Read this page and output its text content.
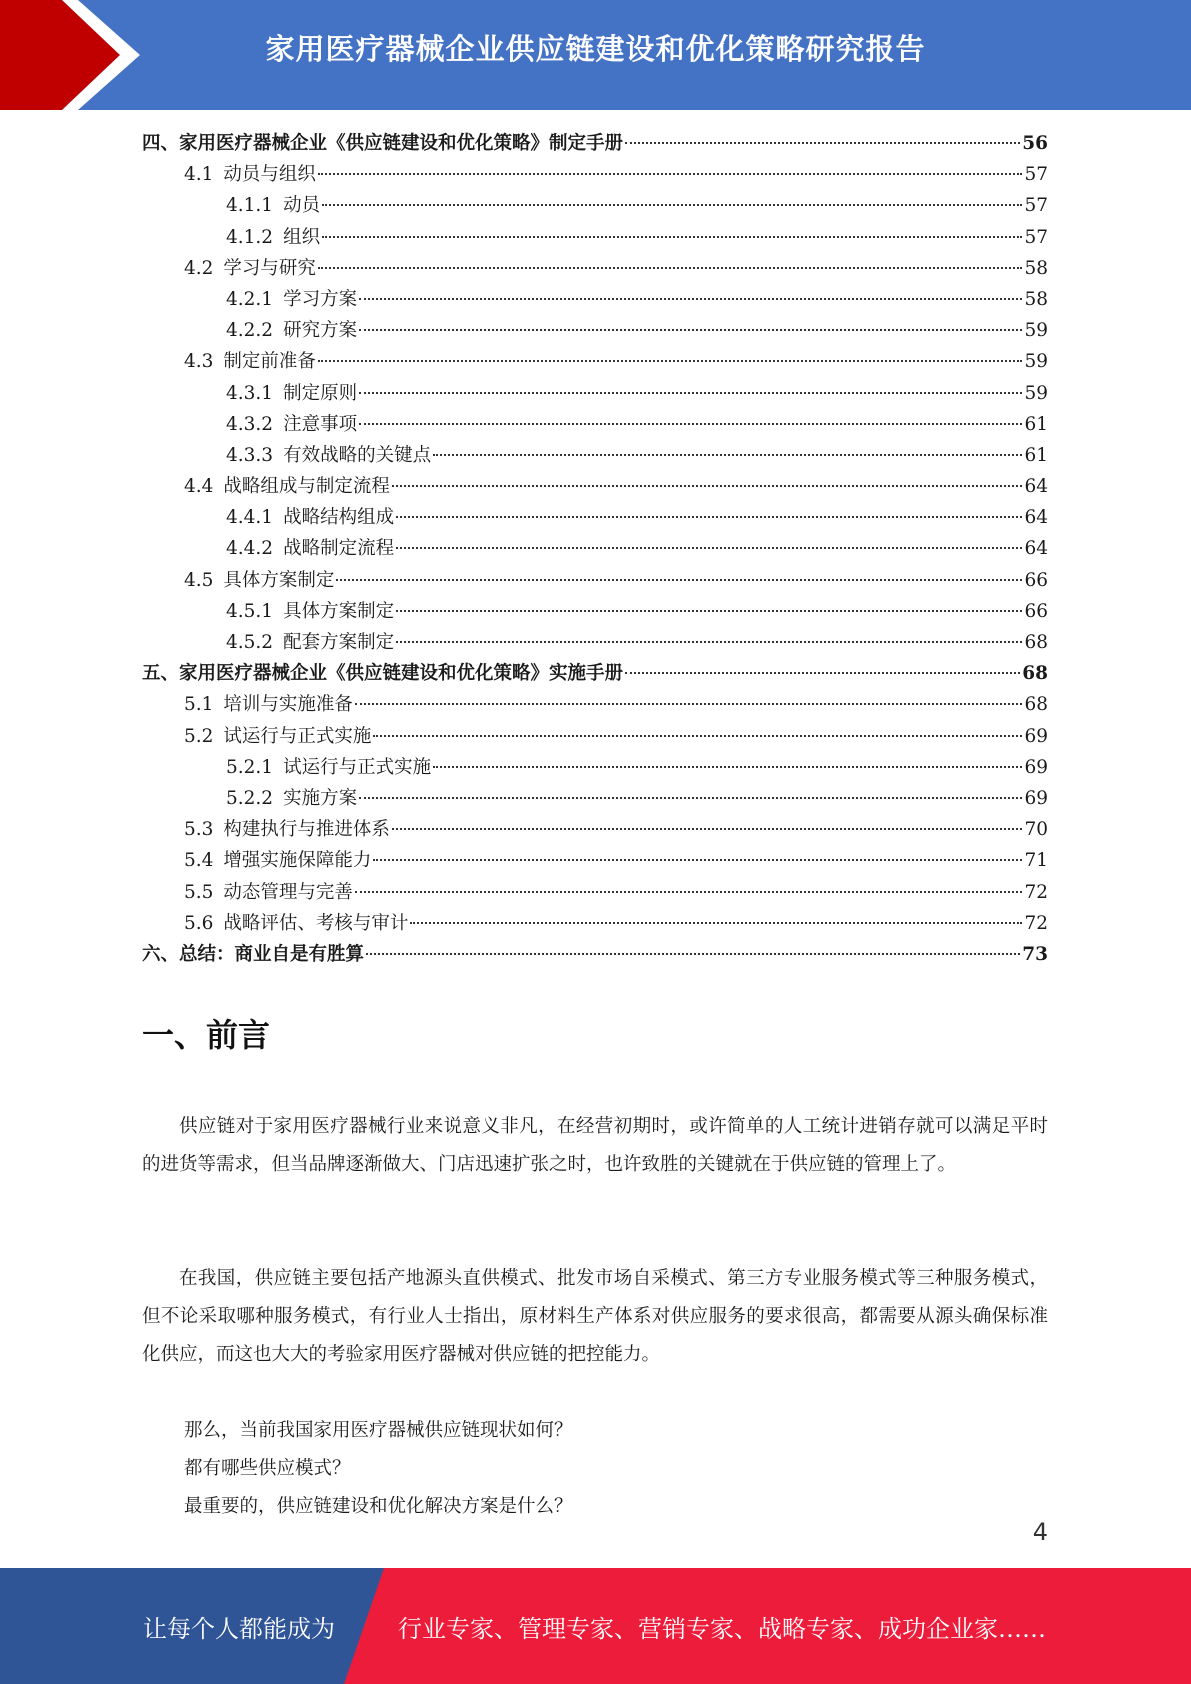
家用医疗器械企业供应链建设和优化策略研究报告
四、家用医疗器械企业《供应链建设和优化策略》制定手册	56
4.1 动员与组织	57
4.1.1 动员	57
4.1.2 组织	57
4.2 学习与研究	58
4.2.1 学习方案	58
4.2.2 研究方案	59
4.3 制定前准备	59
4.3.1 制定原则	59
4.3.2 注意事项	61
4.3.3 有效战略的关键点	61
4.4 战略组成与制定流程	64
4.4.1 战略结构组成	64
4.4.2 战略制定流程	64
4.5 具体方案制定	66
4.5.1 具体方案制定	66
4.5.2 配套方案制定	68
五、家用医疗器械企业《供应链建设和优化策略》实施手册	68
5.1 培训与实施准备	68
5.2 试运行与正式实施	69
5.2.1 试运行与正式实施	69
5.2.2 实施方案	69
5.3 构建执行与推进体系	70
5.4 增强实施保障能力	71
5.5 动态管理与完善	72
5.6 战略评估、考核与审计	72
六、总结：商业自是有胜算	73
一、前言

供应链对于家用医疗器械行业来说意义非凡，在经营初期时，或许简单的人工统计进销存就可以满足平时的进货等需求，但当品牌逐渐做大、门店迅速扩张之时，也许致胜的关键就在于供应链的管理上了。

在我国，供应链主要包括产地源头直供模式、批发市场自采模式、第三方专业服务模式等三种服务模式，但不论采取哪种服务模式，有行业人士指出，原材料生产体系对供应服务的要求很高，都需要从源头确保标准化供应，而这也大大的考验家用医疗器械对供应链的把控能力。

那么，当前我国家用医疗器械供应链现状如何？
都有哪些供应模式？
最重要的，供应链建设和优化解决方案是什么？
4
让每个人都能成为	行业专家、管理专家、营销专家、战略专家、成功企业家……
